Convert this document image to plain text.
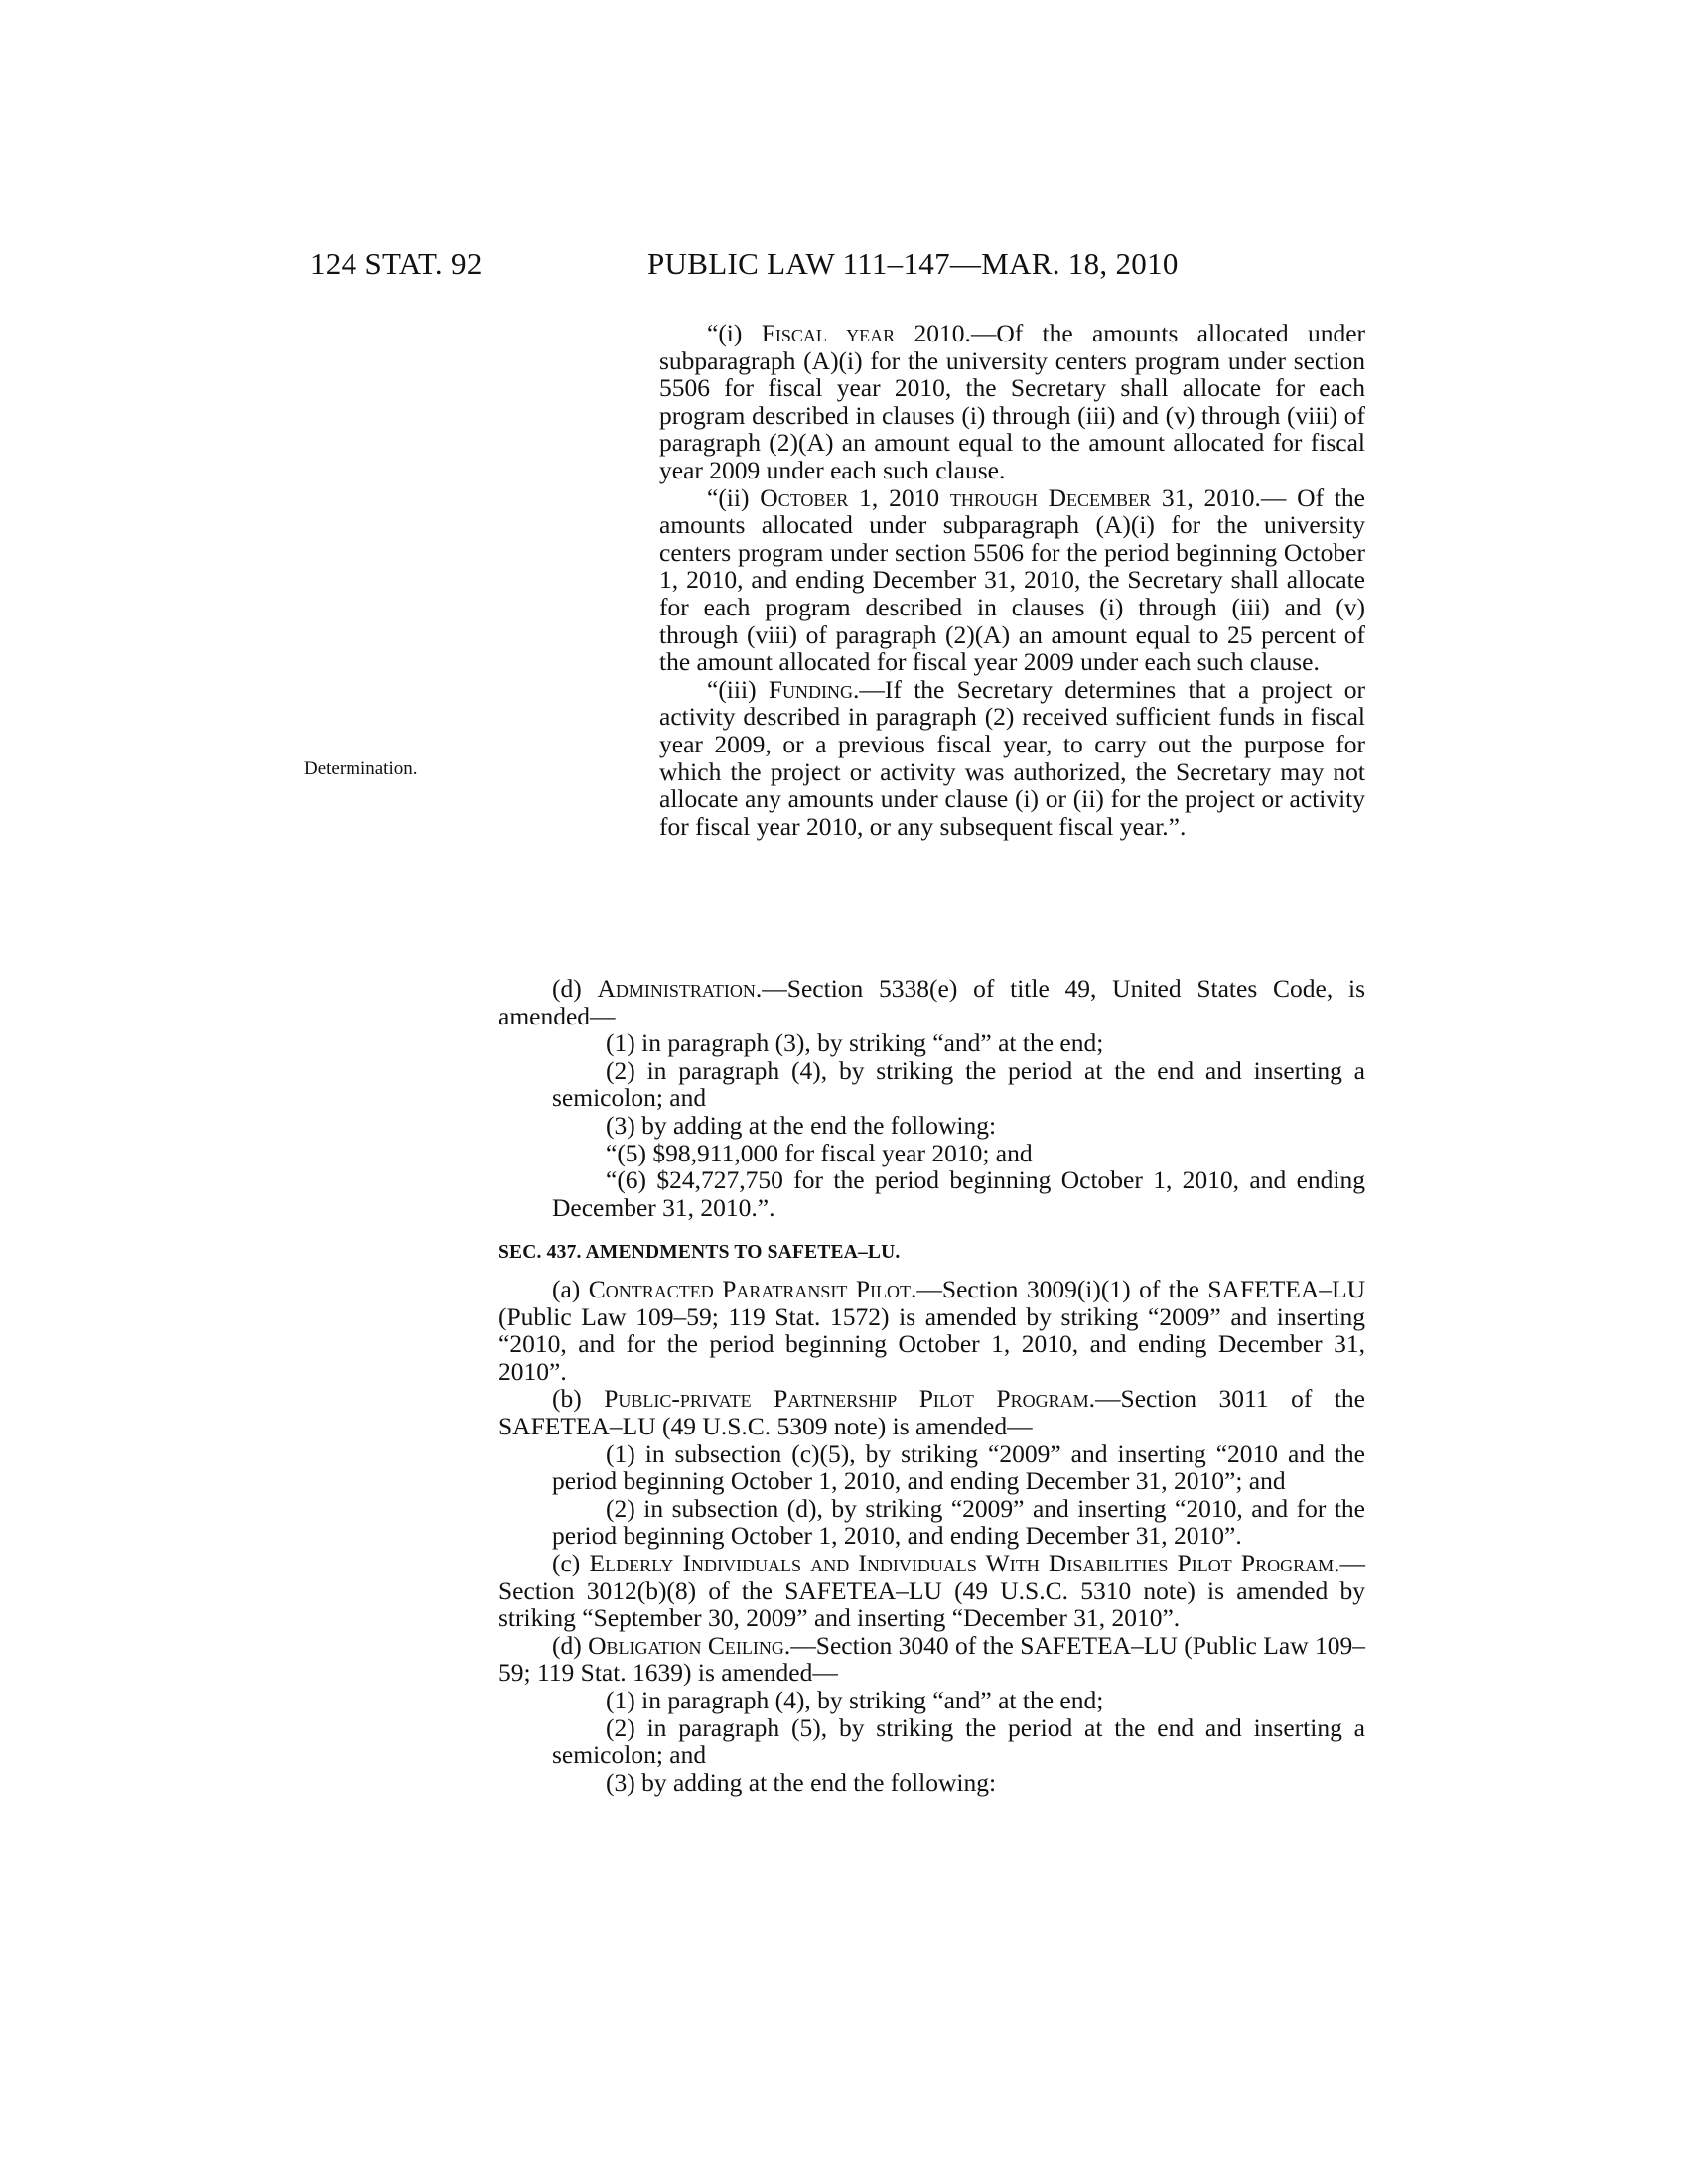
124 STAT. 92	PUBLIC LAW 111–147—MAR. 18, 2010
Determination.

“(i) Fiscal year 2010.—Of the amounts allocated under subparagraph (A)(i) for the university centers program under section 5506 for fiscal year 2010, the Secretary shall allocate for each program described in clauses (i) through (iii) and (v) through (viii) of paragraph (2)(A) an amount equal to the amount allocated for fiscal year 2009 under each such clause.

“(ii) October 1, 2010 through December 31, 2010.— Of the amounts allocated under subparagraph (A)(i) for the university centers program under section 5506 for the period beginning October 1, 2010, and ending December 31, 2010, the Secretary shall allocate for each program described in clauses (i) through (iii) and (v) through (viii) of paragraph (2)(A) an amount equal to 25 percent of the amount allocated for fiscal year 2009 under each such clause.

“(iii) Funding.—If the Secretary determines that a project or activity described in paragraph (2) received sufficient funds in fiscal year 2009, or a previous fiscal year, to carry out the purpose for which the project or activity was authorized, the Secretary may not allocate any amounts under clause (i) or (ii) for the project or activity for fiscal year 2010, or any subsequent fiscal year.”.

(d) Administration.—Section 5338(e) of title 49, United States Code, is amended—

(1) in paragraph (3), by striking “and” at the end;

(2) in paragraph (4), by striking the period at the end and inserting a semicolon; and

(3) by adding at the end the following:

“(5) $98,911,000 for fiscal year 2010; and

“(6) $24,727,750 for the period beginning October 1, 2010, and ending December 31, 2010.”.

SEC. 437. AMENDMENTS TO SAFETEA–LU.

(a) Contracted Paratransit Pilot.—Section 3009(i)(1) of the SAFETEA–LU (Public Law 109–59; 119 Stat. 1572) is amended by striking “2009” and inserting “2010, and for the period beginning October 1, 2010, and ending December 31, 2010”.

(b) Public-private Partnership Pilot Program.—Section 3011 of the SAFETEA–LU (49 U.S.C. 5309 note) is amended—

(1) in subsection (c)(5), by striking “2009” and inserting “2010 and the period beginning October 1, 2010, and ending December 31, 2010”; and

(2) in subsection (d), by striking “2009” and inserting “2010, and for the period beginning October 1, 2010, and ending December 31, 2010”.

(c) Elderly Individuals and Individuals With Disabilities Pilot Program.—Section 3012(b)(8) of the SAFETEA–LU (49 U.S.C. 5310 note) is amended by striking “September 30, 2009” and inserting “December 31, 2010”.

(d) Obligation Ceiling.—Section 3040 of the SAFETEA–LU (Public Law 109–59; 119 Stat. 1639) is amended—

(1) in paragraph (4), by striking “and” at the end;

(2) in paragraph (5), by striking the period at the end and inserting a semicolon; and

(3) by adding at the end the following:
